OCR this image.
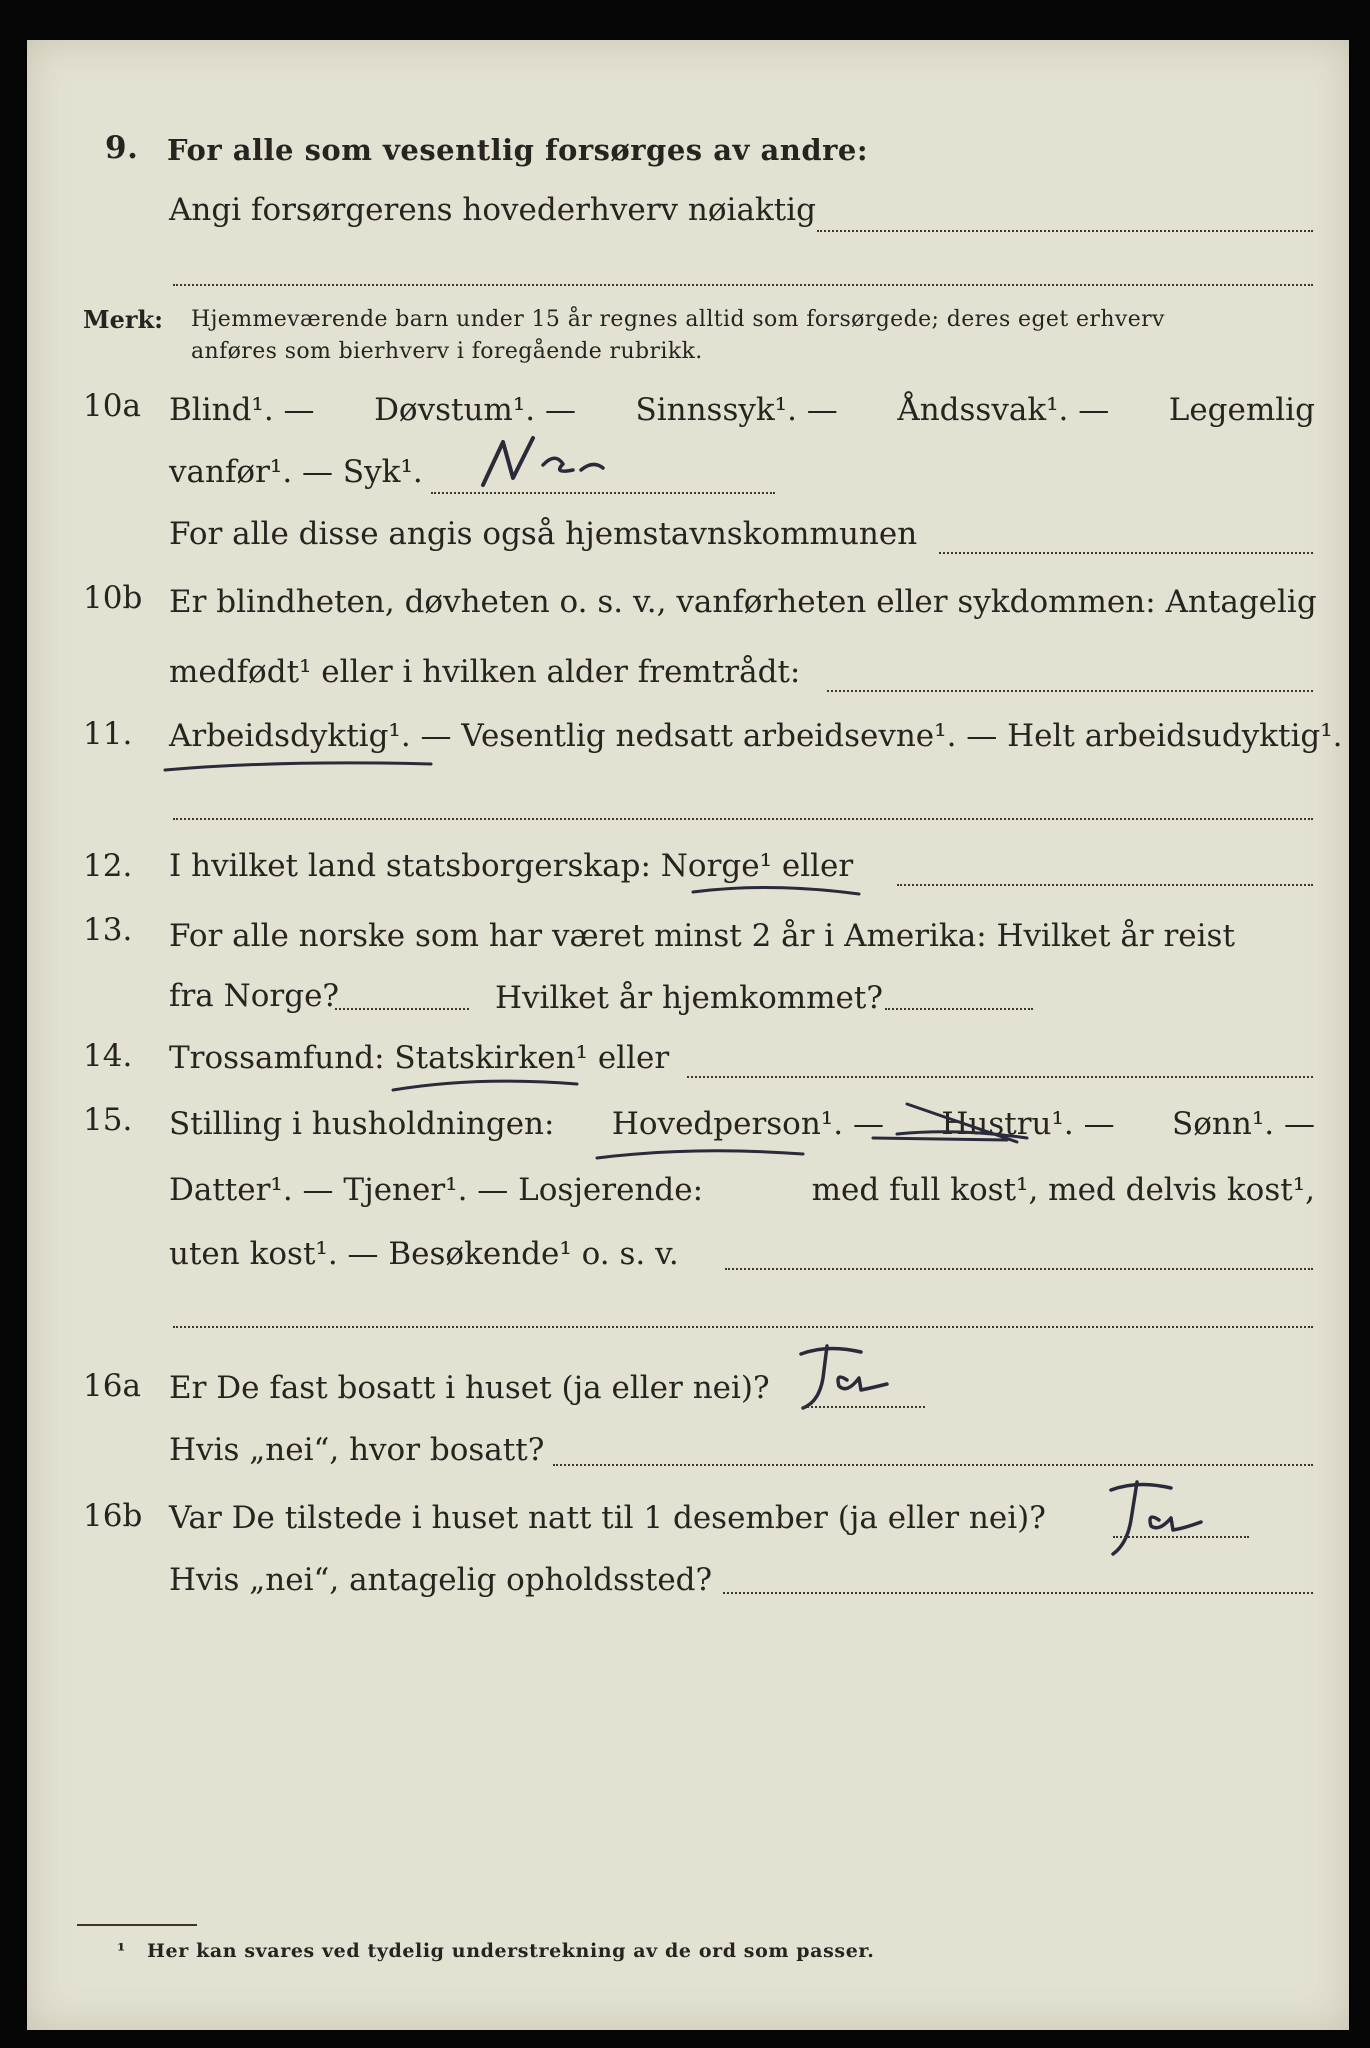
9. For alle som vesentlig forsørges av andre:
Angi forsørgerens hovederhverv nøiaktig
Merk: Hjemmeværende barn under 15 år regnes alltid som forsørgede; deres eget erhverv
anføres som bierhverv i foregående rubrikk.
10a Blind¹. — Døvstum¹. — Sinnssyk¹. — Åndssvak¹. — Legemlig
vanfør¹. — Syk¹.
For alle disse angis også hjemstavnskommunen
10b Er blindheten, døvheten o. s. v., vanførheten eller sykdommen: Antagelig
medfødt¹ eller i hvilken alder fremtrådt:
11. Arbeidsdyktig¹. — Vesentlig nedsatt arbeidsevne¹. — Helt arbeidsudyktig¹.
12. I hvilket land statsborgerskap: Norge¹ eller
13. For alle norske som har været minst 2 år i Amerika: Hvilket år reist
fra Norge?	Hvilket år hjemkommet?
14. Trossamfund: Statskirken¹ eller
15. Stilling i husholdningen: Hovedperson¹. — Hustru¹. — Sønn¹. —
Datter¹. — Tjener¹. — Losjerende:	med full kost¹, med delvis kost¹,
uten kost¹. — Besøkende¹ o. s. v.
16a Er De fast bosatt i huset (ja eller nei)?
Hvis „nei“, hvor bosatt?
16b Var De tilstede i huset natt til 1 desember (ja eller nei)?
Hvis „nei“, antagelig opholdssted?
¹ Her kan svares ved tydelig understrekning av de ord som passer.
